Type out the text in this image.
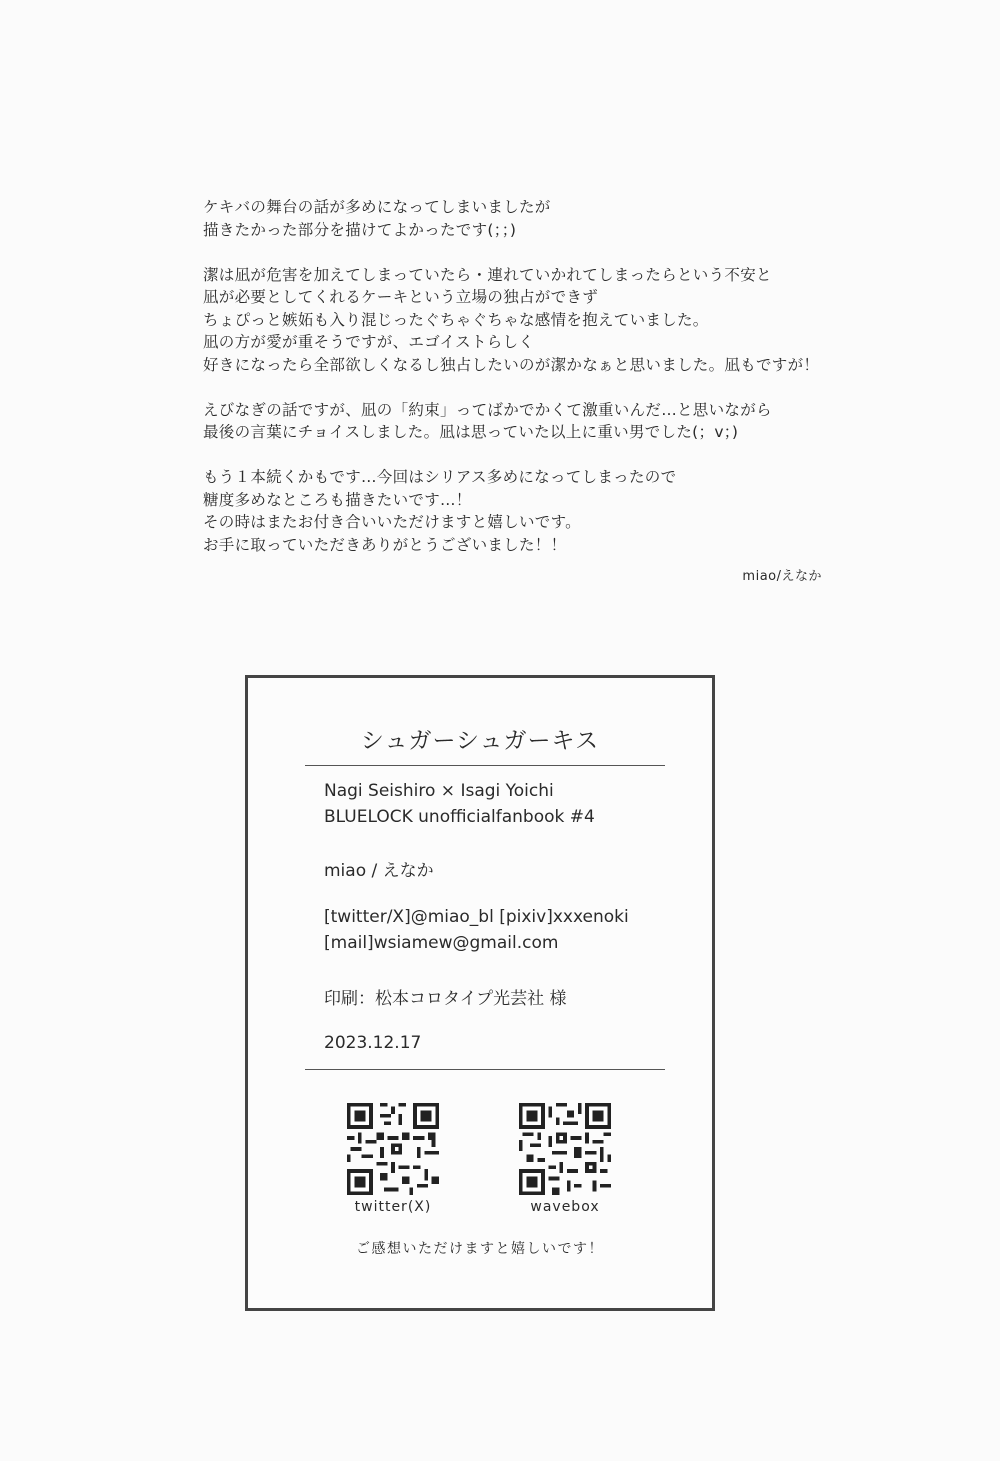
ケキバの舞台の話が多めになってしまいましたが
描きたかった部分を描けてよかったです(；；)
潔は凪が危害を加えてしまっていたら・連れていかれてしまったらという不安と
凪が必要としてくれるケーキという立場の独占ができず
ちょぴっと嫉妬も入り混じったぐちゃぐちゃな感情を抱えていました。
凪の方が愛が重そうですが、エゴイストらしく
好きになったら全部欲しくなるし独占したいのが潔かなぁと思いました。凪もですが！
えびなぎの話ですが、凪の「約束」ってばかでかくて激重いんだ…と思いながら
最後の言葉にチョイスしました。凪は思っていた以上に重い男でした(；v；)
もう１本続くかもです…今回はシリアス多めになってしまったので
糖度多めなところも描きたいです…！
その時はまたお付き合いいただけますと嬉しいです。
お手に取っていただきありがとうございました！！
miao/えなか
シュガーシュガーキス
Nagi Seishiro × Isagi Yoichi
BLUELOCK unofficialfanbook #4
miao / えなか
[twitter/X]@miao_bl [pixiv]xxxenoki
[mail]wsiamew@gmail.com
印刷：松本コロタイプ光芸社 様
2023.12.17
twitter(X)	wavebox
ご感想いただけますと嬉しいです！
